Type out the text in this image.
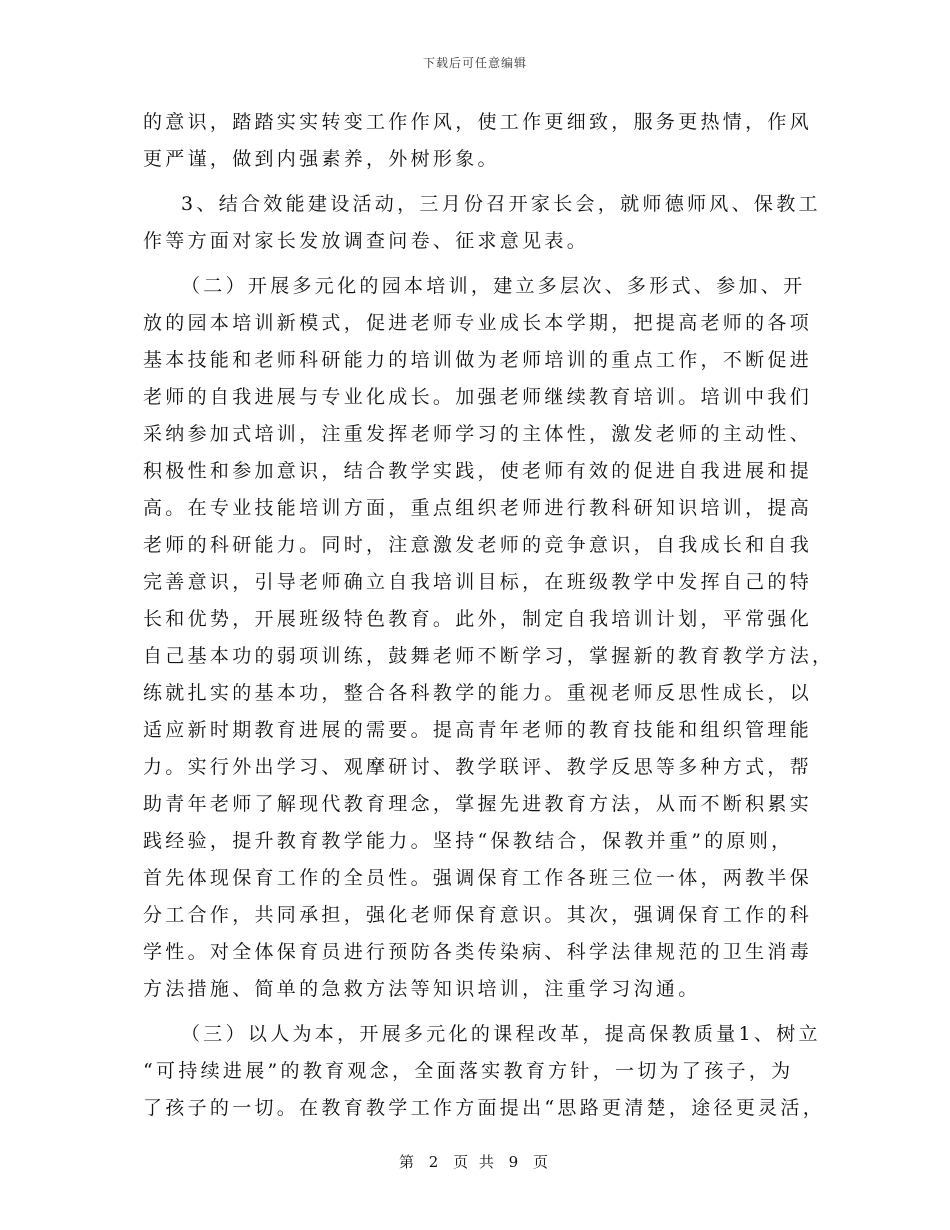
下载后可任意编辑
的意识，踏踏实实转变工作作风，使工作更细致，服务更热情，作风
更严谨，做到内强素养，外树形象。
3、结合效能建设活动，三月份召开家长会，就师德师风、保教工
作等方面对家长发放调查问卷、征求意见表。
（二）开展多元化的园本培训，建立多层次、多形式、参加、开
放的园本培训新模式，促进老师专业成长本学期，把提高老师的各项
基本技能和老师科研能力的培训做为老师培训的重点工作，不断促进
老师的自我进展与专业化成长。加强老师继续教育培训。培训中我们
采纳参加式培训，注重发挥老师学习的主体性，激发老师的主动性、
积极性和参加意识，结合教学实践，使老师有效的促进自我进展和提
高。在专业技能培训方面，重点组织老师进行教科研知识培训，提高
老师的科研能力。同时，注意激发老师的竞争意识，自我成长和自我
完善意识，引导老师确立自我培训目标，在班级教学中发挥自己的特
长和优势，开展班级特色教育。此外，制定自我培训计划，平常强化
自己基本功的弱项训练，鼓舞老师不断学习，掌握新的教育教学方法，
练就扎实的基本功，整合各科教学的能力。重视老师反思性成长，以
适应新时期教育进展的需要。提高青年老师的教育技能和组织管理能
力。实行外出学习、观摩研讨、教学联评、教学反思等多种方式，帮
助青年老师了解现代教育理念，掌握先进教育方法，从而不断积累实
践经验，提升教育教学能力。坚持“保教结合，保教并重”的原则，
首先体现保育工作的全员性。强调保育工作各班三位一体，两教半保
分工合作，共同承担，强化老师保育意识。其次，强调保育工作的科
学性。对全体保育员进行预防各类传染病、科学法律规范的卫生消毒
方法措施、简单的急救方法等知识培训，注重学习沟通。
（三）以人为本，开展多元化的课程改革，提高保教质量1、树立
“可持续进展”的教育观念，全面落实教育方针，一切为了孩子，为
了孩子的一切。在教育教学工作方面提出“思路更清楚，途径更灵活，
第 2 页 共 9 页
